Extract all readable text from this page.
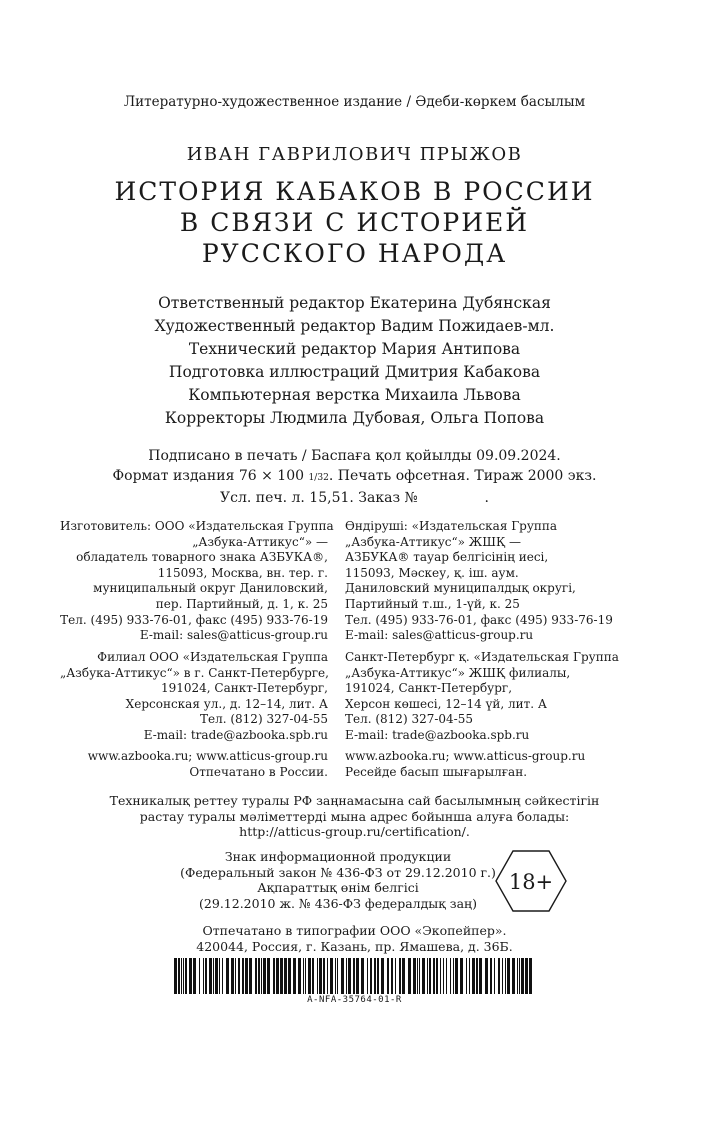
Литературно-художественное издание / Әдеби-көркем басылым
ИВАН ГАВРИЛОВИЧ ПРЫЖОВ
ИСТОРИЯ КАБАКОВ В РОССИИ
В СВЯЗИ С ИСТОРИЕЙ
РУССКОГО НАРОДА
Ответственный редактор Екатерина Дубянская
Художественный редактор Вадим Пожидаев-мл.
Технический редактор Мария Антипова
Подготовка иллюстраций Дмитрия Кабакова
Компьютерная верстка Михаила Львова
Корректоры Людмила Дубовая, Ольга Попова
Подписано в печать / Баспаға қол қойылды 09.09.2024.
Формат издания 76 × 100 1/32. Печать офсетная. Тираж 2000 экз.
Усл. печ. л. 15,51. Заказ №               .
Изготовитель: ООО «Издательская Группа
„Азбука-Аттикус“» —
обладатель товарного знака АЗБУКА®,
115093, Москва, вн. тер. г.
муниципальный округ Даниловский,
пер. Партийный, д. 1, к. 25
Тел. (495) 933-76-01, факс (495) 933-76-19
E-mail: sales@atticus-group.ru
Өндіруші: «Издательская Группа
„Азбука-Аттикус“» ЖШҚ —
АЗБУКА® тауар белгісінің иесі,
115093, Мәскеу, қ. іш. аум.
Даниловский муниципалдық округі,
Партийный т.ш., 1-үй, к. 25
Тел. (495) 933-76-01, факс (495) 933-76-19
E-mail: sales@atticus-group.ru
Филиал ООО «Издательская Группа
„Азбука-Аттикус“» в г. Санкт-Петербурге,
191024, Санкт-Петербург,
Херсонская ул., д. 12–14, лит. А
Тел. (812) 327-04-55
E-mail: trade@azbooka.spb.ru
Санкт-Петербург қ. «Издательская Группа
„Азбука-Аттикус“» ЖШҚ филиалы,
191024, Санкт-Петербург,
Херсон көшесі, 12–14 үй, лит. А
Тел. (812) 327-04-55
E-mail: trade@azbooka.spb.ru
www.azbooka.ru; www.atticus-group.ru
Отпечатано в России.
www.azbooka.ru; www.atticus-group.ru
Ресейде басып шығарылған.
Техникалық реттеу туралы РФ заңнамасына сай басылымның сәйкестігін
растау туралы мәліметтерді мына адрес бойынша алуға болады:
http://atticus-group.ru/certification/.
Знак информационной продукции
(Федеральный закон № 436-ФЗ от 29.12.2010 г.)
Ақпараттық өнім белгісі
(29.12.2010 ж. № 436-ФЗ федералдық заң)
18+
Отпечатано в типографии ООО «Экопейпер».
420044, Россия, г. Казань, пр. Ямашева, д. 36Б.
A-NFA-35764-01-R
